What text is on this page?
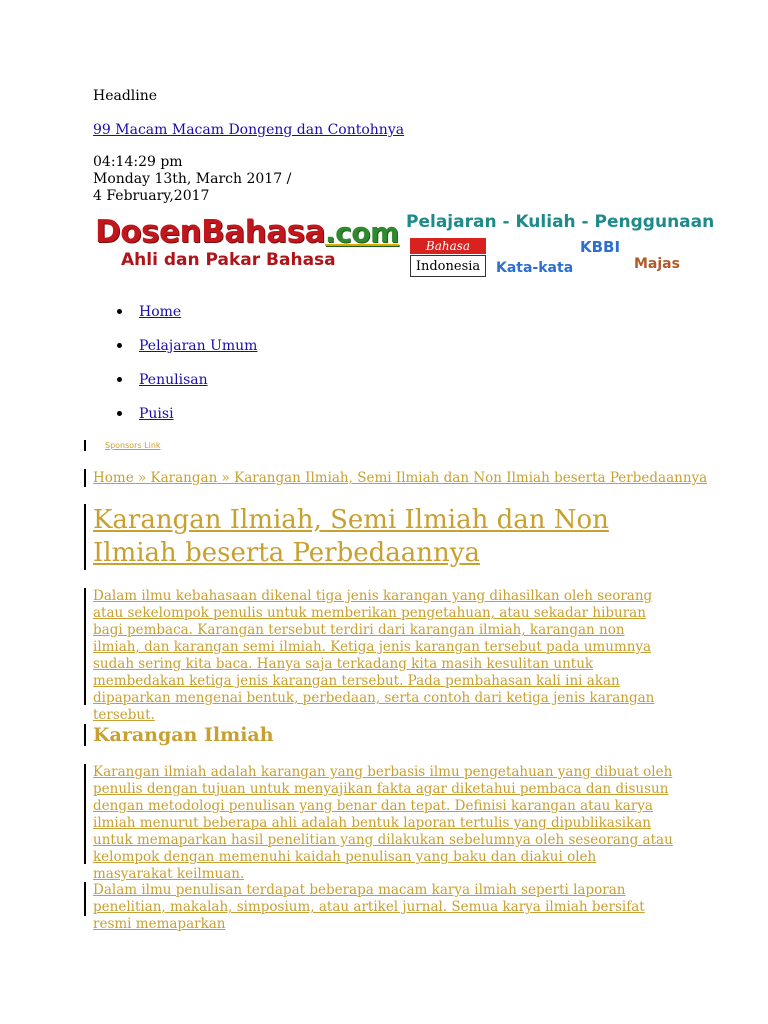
Headline
99 Macam Macam Dongeng dan Contohnya
04:14:29 pm
Monday 13th, March 2017 /
4 February,2017
DosenBahasa.com
Ahli dan Pakar Bahasa
Pelajaran - Kuliah - Penggunaan
Bahasa
Indonesia
KBBI
Kata-kata	Majas
Home
Pelajaran Umum
Penulisan
Puisi
Sponsors Link
Home » Karangan » Karangan Ilmiah, Semi Ilmiah dan Non Ilmiah beserta Perbedaannya
Karangan Ilmiah, Semi Ilmiah dan Non Ilmiah beserta Perbedaannya

Dalam ilmu kebahasaan dikenal tiga jenis karangan yang dihasilkan oleh seorang atau sekelompok penulis untuk memberikan pengetahuan, atau sekadar hiburan bagi pembaca. Karangan tersebut terdiri dari karangan ilmiah, karangan non ilmiah, dan karangan semi ilmiah. Ketiga jenis karangan tersebut pada umumnya sudah sering kita baca. Hanya saja terkadang kita masih kesulitan untuk membedakan ketiga jenis karangan tersebut. Pada pembahasan kali ini akan dipaparkan mengenai bentuk, perbedaan, serta contoh dari ketiga jenis karangan tersebut.

Karangan Ilmiah

Karangan ilmiah adalah karangan yang berbasis ilmu pengetahuan yang dibuat oleh penulis dengan tujuan untuk menyajikan fakta agar diketahui pembaca dan disusun dengan metodologi penulisan yang benar dan tepat. Definisi karangan atau karya ilmiah menurut beberapa ahli adalah bentuk laporan tertulis yang dipublikasikan untuk memaparkan hasil penelitian yang dilakukan sebelumnya oleh seseorang atau kelompok dengan memenuhi kaidah penulisan yang baku dan diakui oleh masyarakat keilmuan.

Dalam ilmu penulisan terdapat beberapa macam karya ilmiah seperti laporan penelitian, makalah, simposium, atau artikel jurnal. Semua karya ilmiah bersifat resmi memaparkan
